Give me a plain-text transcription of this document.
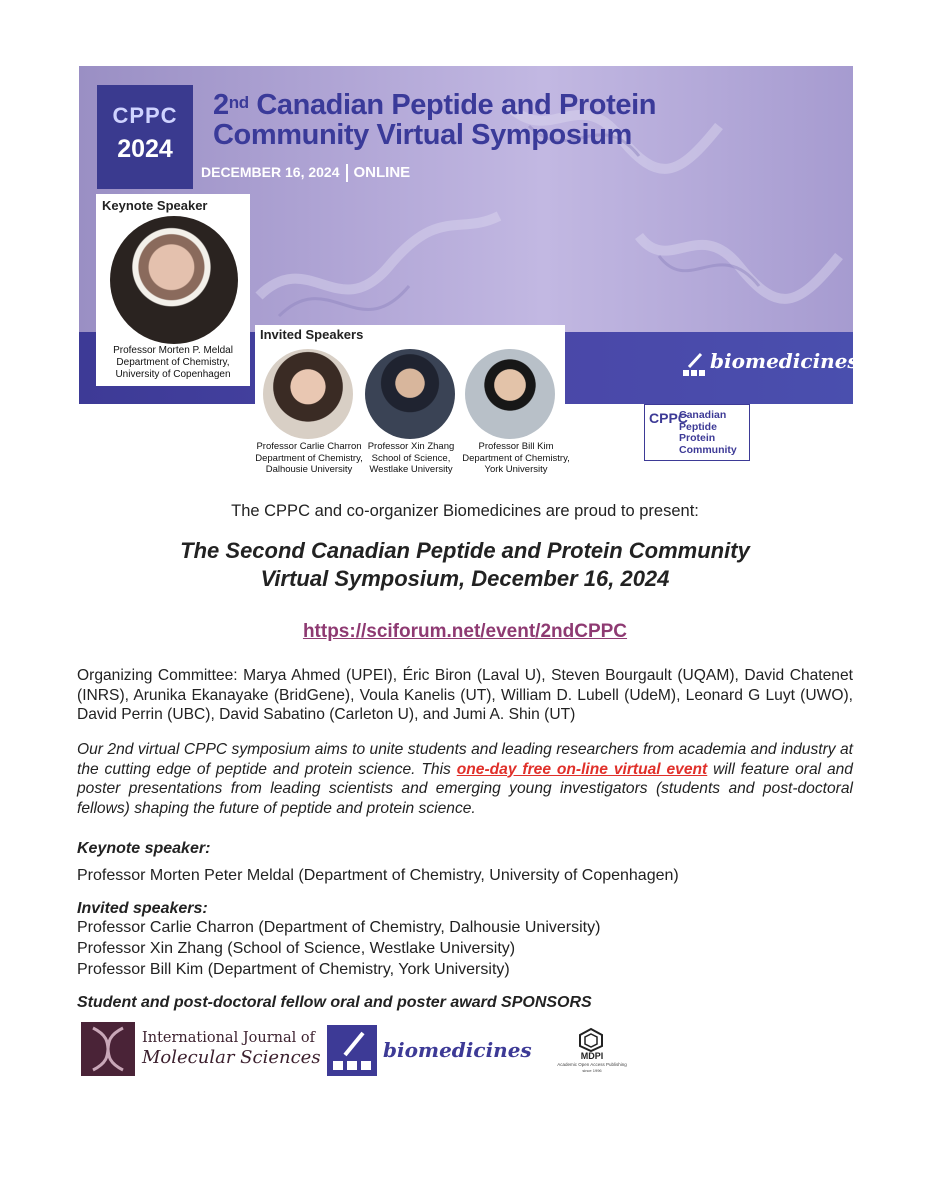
CPPC
2024
2nd Canadian Peptide and Protein
Community Virtual Symposium
DECEMBER 16, 2024 ONLINE
Keynote Speaker
Professor Morten P. Meldal
Department of Chemistry,
University of Copenhagen
Invited Speakers
CPPC
Canadian
Peptide
Protein
Community
biomedicines
Professor Carlie Charron
Department of Chemistry,
Dalhousie University
Professor Xin Zhang
School of Science,
Westlake University
Professor Bill Kim
Department of Chemistry,
York University
The CPPC and co-organizer Biomedicines are proud to present:
The Second Canadian Peptide and Protein Community
Virtual Symposium, December 16, 2024
https://sciforum.net/event/2ndCPPC
Organizing Committee: Marya Ahmed (UPEI), Éric Biron (Laval U), Steven Bourgault (UQAM), David Chatenet (INRS), Arunika Ekanayake (BridGene), Voula Kanelis (UT), William D. Lubell (UdeM), Leonard G Luyt (UWO), David Perrin (UBC), David Sabatino (Carleton U), and Jumi A. Shin (UT)
Our 2nd virtual CPPC symposium aims to unite students and leading researchers from academia and industry at the cutting edge of peptide and protein science. This one-day free on-line virtual event will feature oral and poster presentations from leading scientists and emerging young investigators (students and post-doctoral fellows) shaping the future of peptide and protein science.
Keynote speaker:
Professor Morten Peter Meldal (Department of Chemistry, University of Copenhagen)
Invited speakers:
Professor Carlie Charron (Department of Chemistry, Dalhousie University)
Professor Xin Zhang (School of Science, Westlake University)
Professor Bill Kim (Department of Chemistry, York University)
Student and post-doctoral fellow oral and poster award SPONSORS
International Journal of
Molecular Sciences	biomedicines	MDPI
Academic Open Access Publishing
since 1996
